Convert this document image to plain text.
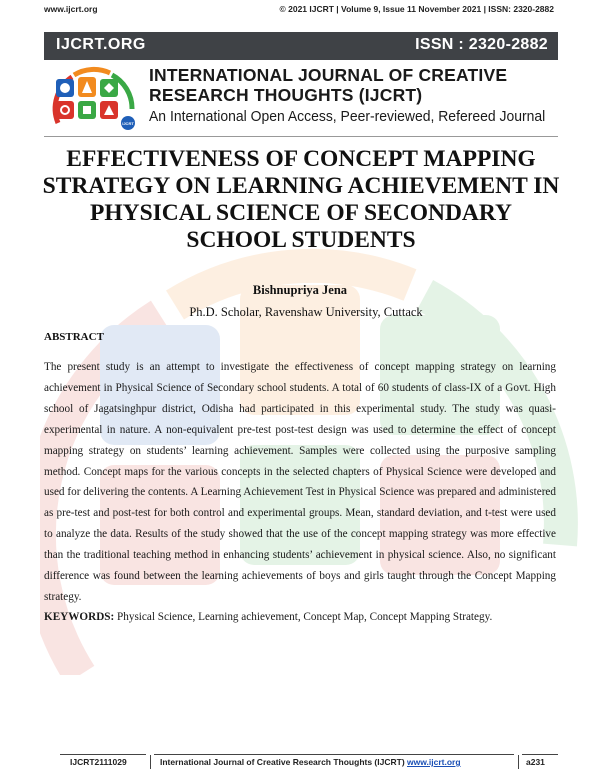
www.ijcrt.org	© 2021 IJCRT | Volume 9, Issue 11 November 2021 | ISSN: 2320-2882
IJCRT.ORG	ISSN : 2320-2882
IJCRT
INTERNATIONAL JOURNAL OF CREATIVE
RESEARCH THOUGHTS (IJCRT)
An International Open Access, Peer-reviewed, Refereed Journal
EFFECTIVENESS OF CONCEPT MAPPING STRATEGY ON LEARNING ACHIEVEMENT IN PHYSICAL SCIENCE OF SECONDARY SCHOOL STUDENTS
Bishnupriya Jena
Ph.D. Scholar, Ravenshaw University, Cuttack
ABSTRACT
The present study is an attempt to investigate the effectiveness of concept mapping strategy on learning achievement in Physical Science of Secondary school students. A total of 60 students of class-IX of a Govt. High school of Jagatsinghpur district, Odisha had participated in this experimental study. The study was quasi-experimental in nature. A non-equivalent pre-test post-test design was used to determine the effect of concept mapping strategy on students’ learning achievement. Samples were collected using the purposive sampling method. Concept maps for the various concepts in the selected chapters of Physical Science were developed and used for delivering the contents. A Learning Achievement Test in Physical Science was prepared and administered as pre-test and post-test for both control and experimental groups. Mean, standard deviation, and t-test were used to analyze the data. Results of the study showed that the use of the concept mapping strategy was more effective than the traditional teaching method in enhancing students’ achievement in physical science. Also, no significant difference was found between the learning achievements of boys and girls taught through the Concept Mapping strategy.
KEYWORDS: Physical Science, Learning achievement, Concept Map, Concept Mapping Strategy.
IJCRT2111029	International Journal of Creative Research Thoughts (IJCRT) www.ijcrt.org	a231
